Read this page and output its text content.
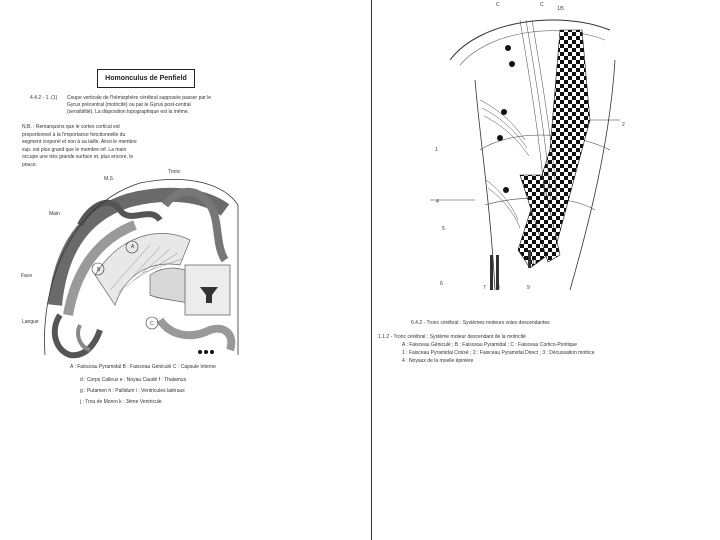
Homonculus de Penfield
4.4.2 - 1. (1) Coupe verticale de l'hémisphère cérébral supposée passer par le
Gyrus précentral (motricité) ou par le Gyrus post-central
(sensibilité). La disposition topographique est la même.
N.B. : Remarquons que le cortex cortical est proportionnel à la l'importance fonctionnelle du segment corporel et non à sa taille. Ainsi le membre sup. est plus grand que le membre inf. La main occupe une très grande surface et, plus encore, le pouce.
M.S.
Tronc
Main
Face
Langue
A
B
C
A : Faisceau Pyramidal B : Faisceau Géniculé C : Capsule Interne
d : Corps Calleux e : Noyau Caudé f : Thalamus
g : Putamen h : Pallidum i : Ventricules latéraux
j : Trou de Monro k : 3ème Ventricule
C	C
1/5
1
2
4
5
6
7 8	9
10
6.4.2 - Tronc cérébral : Systèmes moteurs voies descendantes
1.1.2 - Tronc cérébral : Système moteur descendant de la motricité
A : Faisceau Géniculé ; B : Faisceau Pyramidal ; C : Faisceau Cortico-Pontique
1 : Faisceau Pyramidal Croisé ; 2 : Faisceau Pyramidal Direct ; 3 : Décussation motrice
4 : Noyaux de la moelle épinière
